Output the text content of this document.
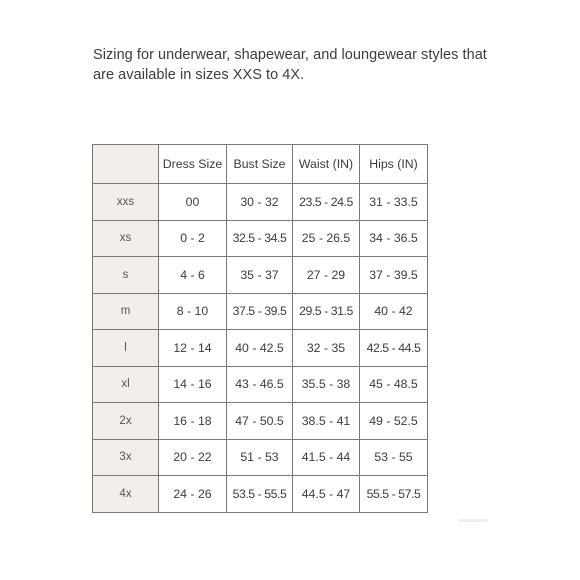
Sizing for underwear, shapewear, and loungewear styles that
are available in sizes XXS to 4X.
	Dress Size	Bust Size	Waist (IN)	Hips (IN)
xxs	00	30 - 32	23.5 - 24.5	31 - 33.5
xs	0 - 2	32.5 - 34.5	25 - 26.5	34 - 36.5
s	4 - 6	35 - 37	27 - 29	37 - 39.5
m	8 - 10	37.5 - 39.5	29.5 - 31.5	40 - 42
l	12 - 14	40 - 42.5	32 - 35	42.5 - 44.5
xl	14 - 16	43 - 46.5	35.5 - 38	45 - 48.5
2x	16 - 18	47 - 50.5	38.5 - 41	49 - 52.5
3x	20 - 22	51 - 53	41.5 - 44	53 - 55
4x	24 - 26	53.5 - 55.5	44.5 - 47	55.5 - 57.5
